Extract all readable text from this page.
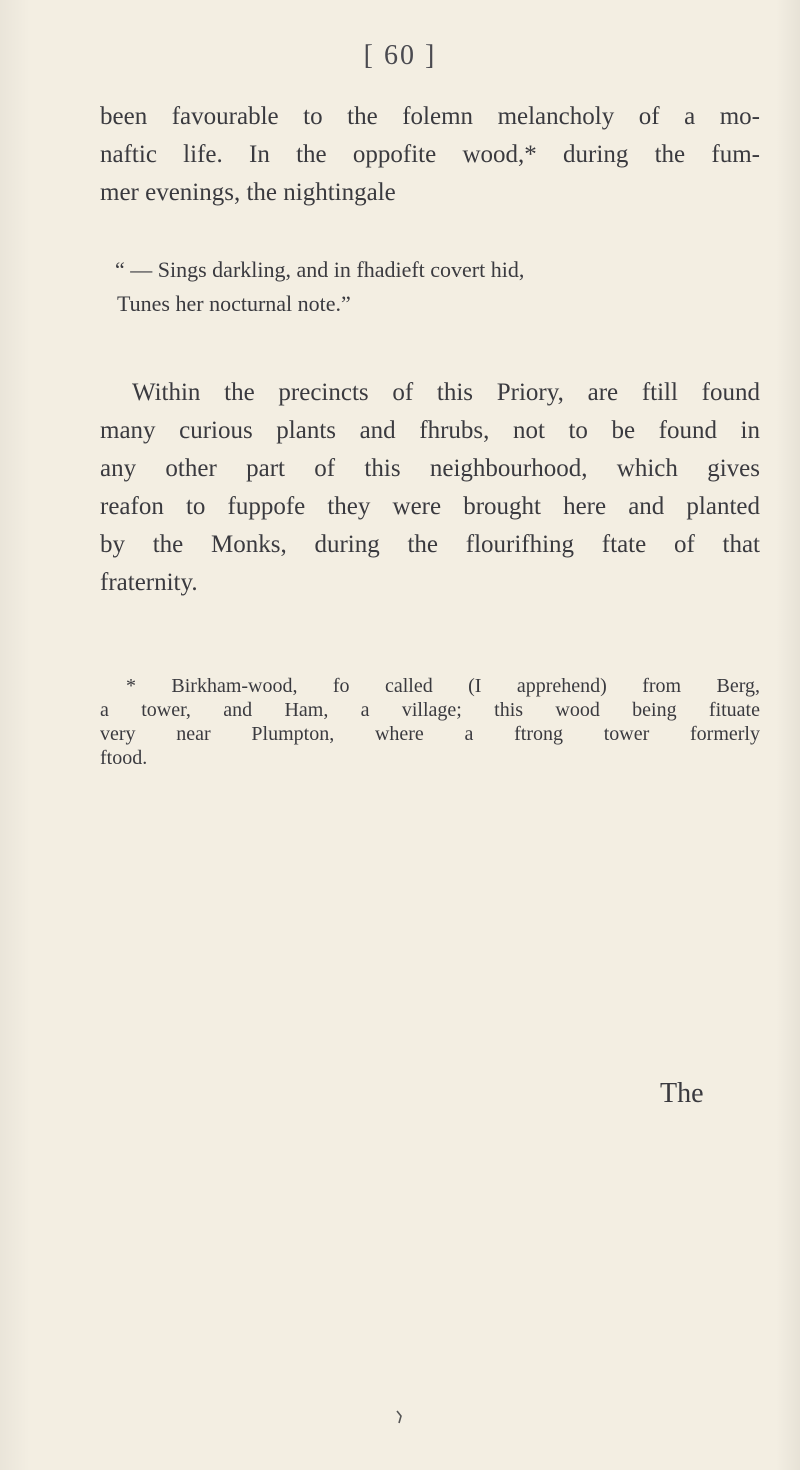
[ 60 ]
been favourable to the folemn melancholy of a mo-
naftic life. In the oppofite wood,* during the fum-
mer evenings, the nightingale
“ — Sings darkling, and in fhadieft covert hid,
Tunes her nocturnal note.”
Within the precincts of this Priory, are ftill found
many curious plants and fhrubs, not to be found in
any other part of this neighbourhood, which gives
reafon to fuppofe they were brought here and planted
by the Monks, during the flourifhing ftate of that
fraternity.
* Birkham-wood, fo called (I apprehend) from Berg,
a tower, and Ham, a village; this wood being fituate
very near Plumpton, where a ftrong tower formerly
ftood.
The
